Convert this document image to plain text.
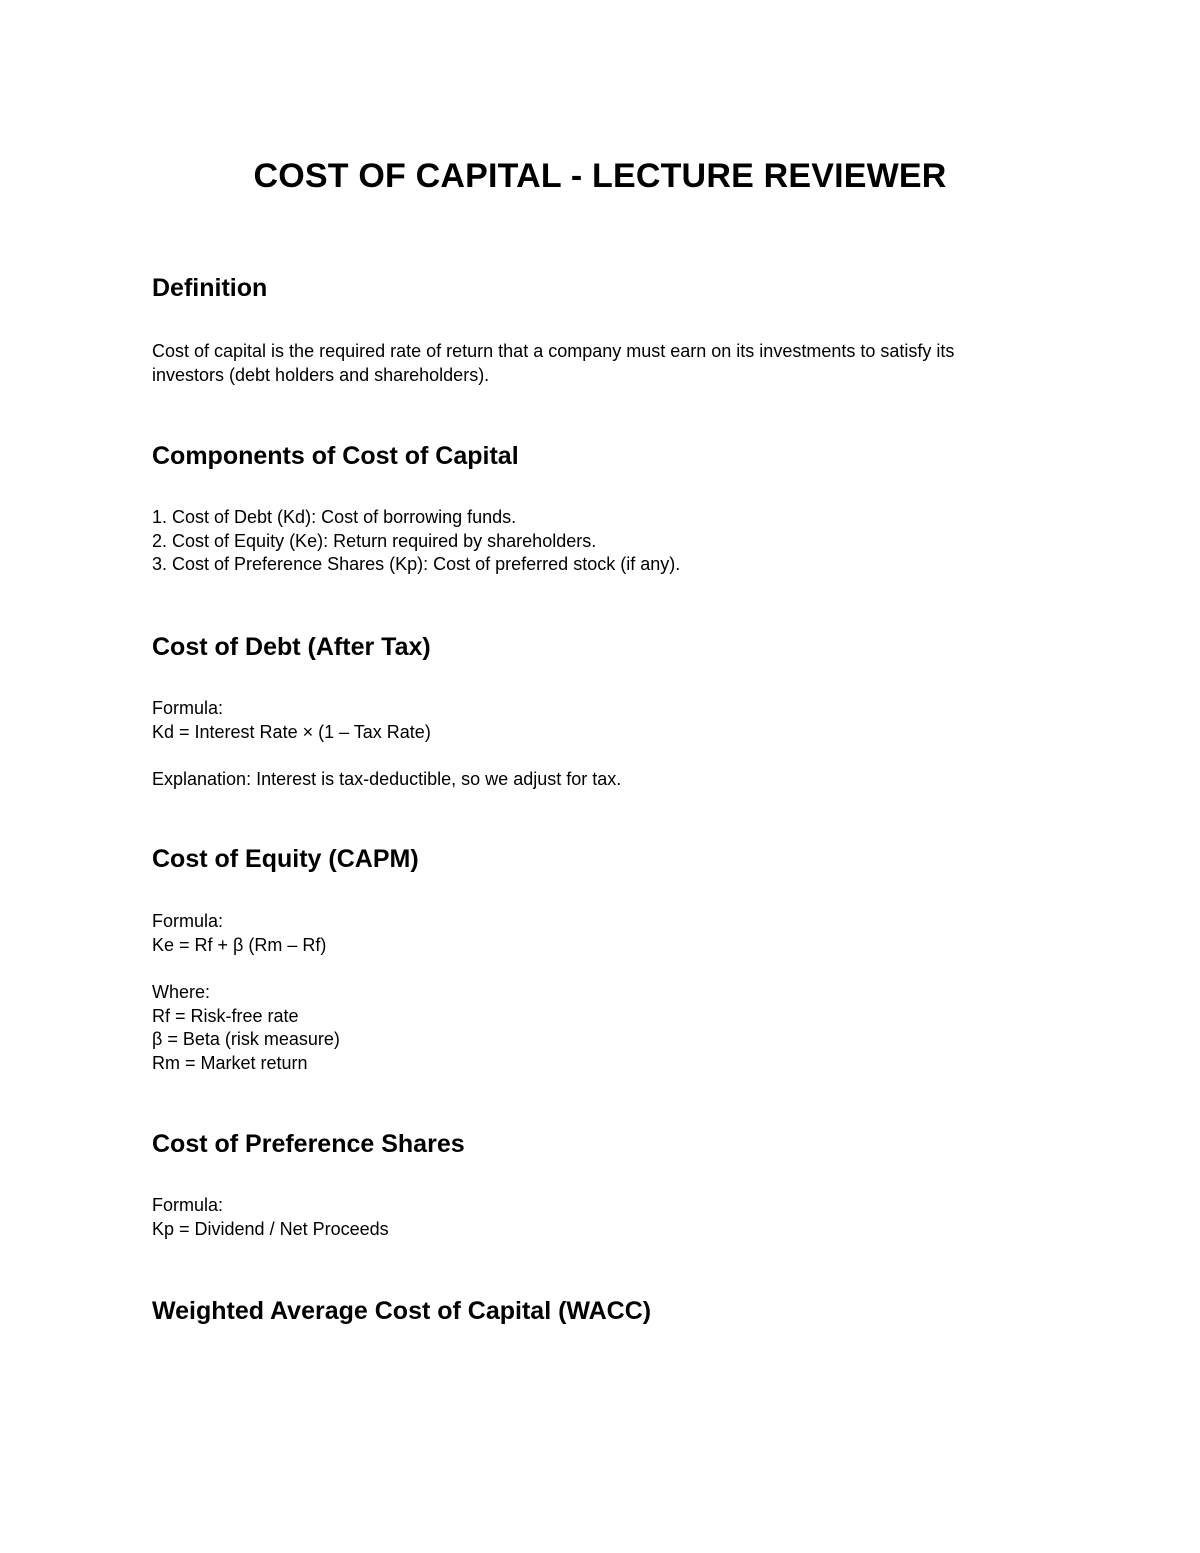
COST OF CAPITAL - LECTURE REVIEWER
Definition

Cost of capital is the required rate of return that a company must earn on its investments to satisfy its
investors (debt holders and shareholders).

Components of Cost of Capital

1. Cost of Debt (Kd): Cost of borrowing funds.
2. Cost of Equity (Ke): Return required by shareholders.
3. Cost of Preference Shares (Kp): Cost of preferred stock (if any).

Cost of Debt (After Tax)

Formula:
Kd = Interest Rate × (1 – Tax Rate)

Explanation: Interest is tax-deductible, so we adjust for tax.

Cost of Equity (CAPM)

Formula:
Ke = Rf + β (Rm – Rf)

Where:
Rf = Risk-free rate
β = Beta (risk measure)
Rm = Market return

Cost of Preference Shares

Formula:
Kp = Dividend / Net Proceeds

Weighted Average Cost of Capital (WACC)
